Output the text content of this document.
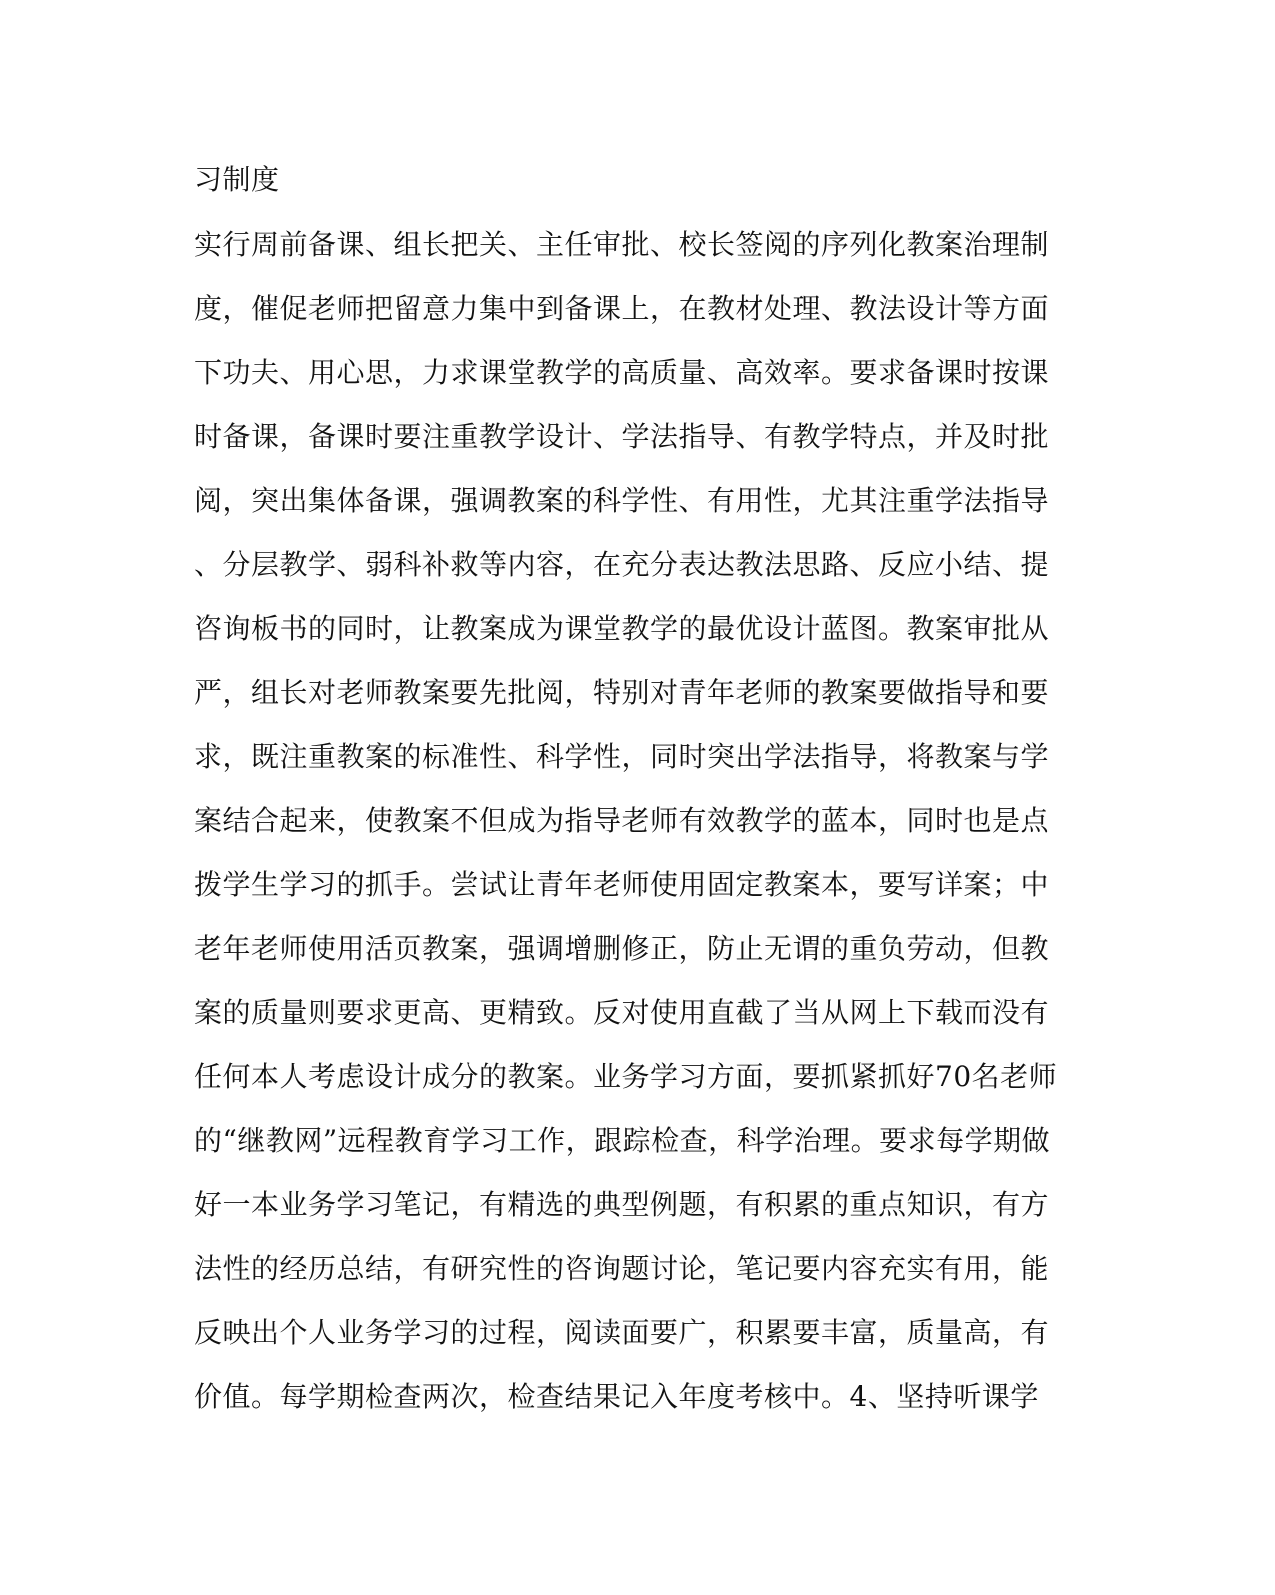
习制度
实行周前备课、组长把关、主任审批、校长签阅的序列化教案治理制
度，催促老师把留意力集中到备课上，在教材处理、教法设计等方面
下功夫、用心思，力求课堂教学的高质量、高效率。要求备课时按课
时备课，备课时要注重教学设计、学法指导、有教学特点，并及时批
阅，突出集体备课，强调教案的科学性、有用性，尤其注重学法指导
、分层教学、弱科补救等内容，在充分表达教法思路、反应小结、提
咨询板书的同时，让教案成为课堂教学的最优设计蓝图。教案审批从
严，组长对老师教案要先批阅，特别对青年老师的教案要做指导和要
求，既注重教案的标准性、科学性，同时突出学法指导，将教案与学
案结合起来，使教案不但成为指导老师有效教学的蓝本，同时也是点
拨学生学习的抓手。尝试让青年老师使用固定教案本，要写详案；中
老年老师使用活页教案，强调增删修正，防止无谓的重负劳动，但教
案的质量则要求更高、更精致。反对使用直截了当从网上下载而没有
任何本人考虑设计成分的教案。业务学习方面，要抓紧抓好70名老师
的“继教网”远程教育学习工作，跟踪检查，科学治理。要求每学期做
好一本业务学习笔记，有精选的典型例题，有积累的重点知识，有方
法性的经历总结，有研究性的咨询题讨论，笔记要内容充实有用，能
反映出个人业务学习的过程，阅读面要广，积累要丰富，质量高，有
价值。每学期检查两次，检查结果记入年度考核中。4、坚持听课学
